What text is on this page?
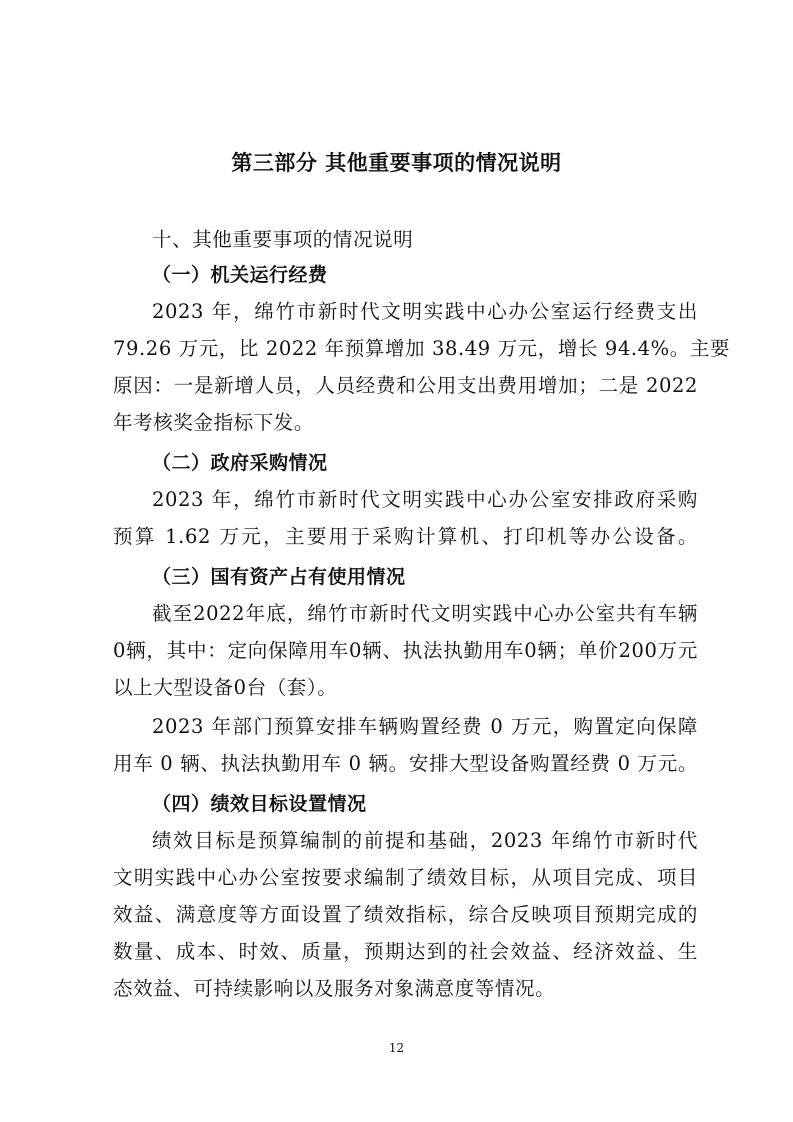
第三部分 其他重要事项的情况说明
十、其他重要事项的情况说明
（一）机关运行经费
2023 年，绵竹市新时代文明实践中心办公室运行经费支出
79.26 万元，比 2022 年预算增加 38.49 万元，增长 94.4%。主要
原因：一是新增人员，人员经费和公用支出费用增加；二是 2022
年考核奖金指标下发。
（二）政府采购情况
2023 年，绵竹市新时代文明实践中心办公室安排政府采购
预算 1.62 万元，主要用于采购计算机、打印机等办公设备。
（三）国有资产占有使用情况
截至2022年底，绵竹市新时代文明实践中心办公室共有车辆
0辆，其中：定向保障用车0辆、执法执勤用车0辆；单价200万元
以上大型设备0台（套）。
2023 年部门预算安排车辆购置经费 0 万元，购置定向保障
用车 0 辆、执法执勤用车 0 辆。安排大型设备购置经费 0 万元。
（四）绩效目标设置情况
绩效目标是预算编制的前提和基础，2023 年绵竹市新时代
文明实践中心办公室按要求编制了绩效目标，从项目完成、项目
效益、满意度等方面设置了绩效指标，综合反映项目预期完成的
数量、成本、时效、质量，预期达到的社会效益、经济效益、生
态效益、可持续影响以及服务对象满意度等情况。
12
